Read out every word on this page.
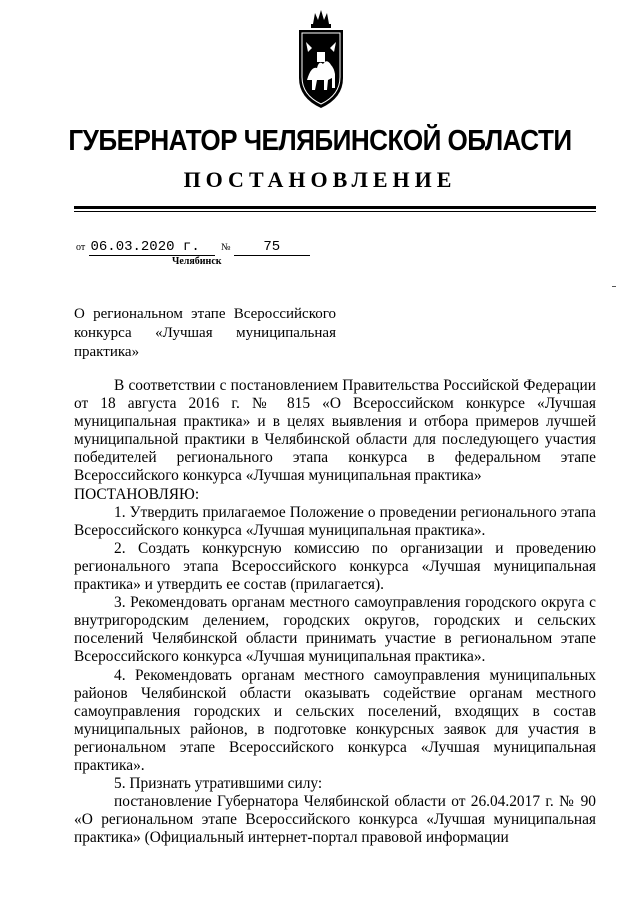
ГУБЕРНАТОР ЧЕЛЯБИНСКОЙ ОБЛАСТИ
ПОСТАНОВЛЕНИЕ
от 06.03.2020 г. № 75
Челябинск
О региональном этапе Всероссийского конкурса «Лучшая муниципальная практика»

В соответствии с постановлением Правительства Российской Федерации от 18 августа 2016 г. № 815 «О Всероссийском конкурсе «Лучшая муниципальная практика» и в целях выявления и отбора примеров лучшей муниципальной практики в Челябинской области для последующего участия победителей регионального этапа конкурса в федеральном этапе Всероссийского конкурса «Лучшая муниципальная практика»

ПОСТАНОВЛЯЮ:

1. Утвердить прилагаемое Положение о проведении регионального этапа Всероссийского конкурса «Лучшая муниципальная практика».

2. Создать конкурсную комиссию по организации и проведению регионального этапа Всероссийского конкурса «Лучшая муниципальная практика» и утвердить ее состав (прилагается).

3. Рекомендовать органам местного самоуправления городского округа с внутригородским делением, городских округов, городских и сельских поселений Челябинской области принимать участие в региональном этапе Всероссийского конкурса «Лучшая муниципальная практика».

4. Рекомендовать органам местного самоуправления муниципальных районов Челябинской области оказывать содействие органам местного самоуправления городских и сельских поселений, входящих в состав муниципальных районов, в подготовке конкурсных заявок для участия в региональном этапе Всероссийского конкурса «Лучшая муниципальная практика».

5. Признать утратившими силу:

постановление Губернатора Челябинской области от 26.04.2017 г. № 90 «О региональном этапе Всероссийского конкурса «Лучшая муниципальная практика» (Официальный интернет-портал правовой информации
